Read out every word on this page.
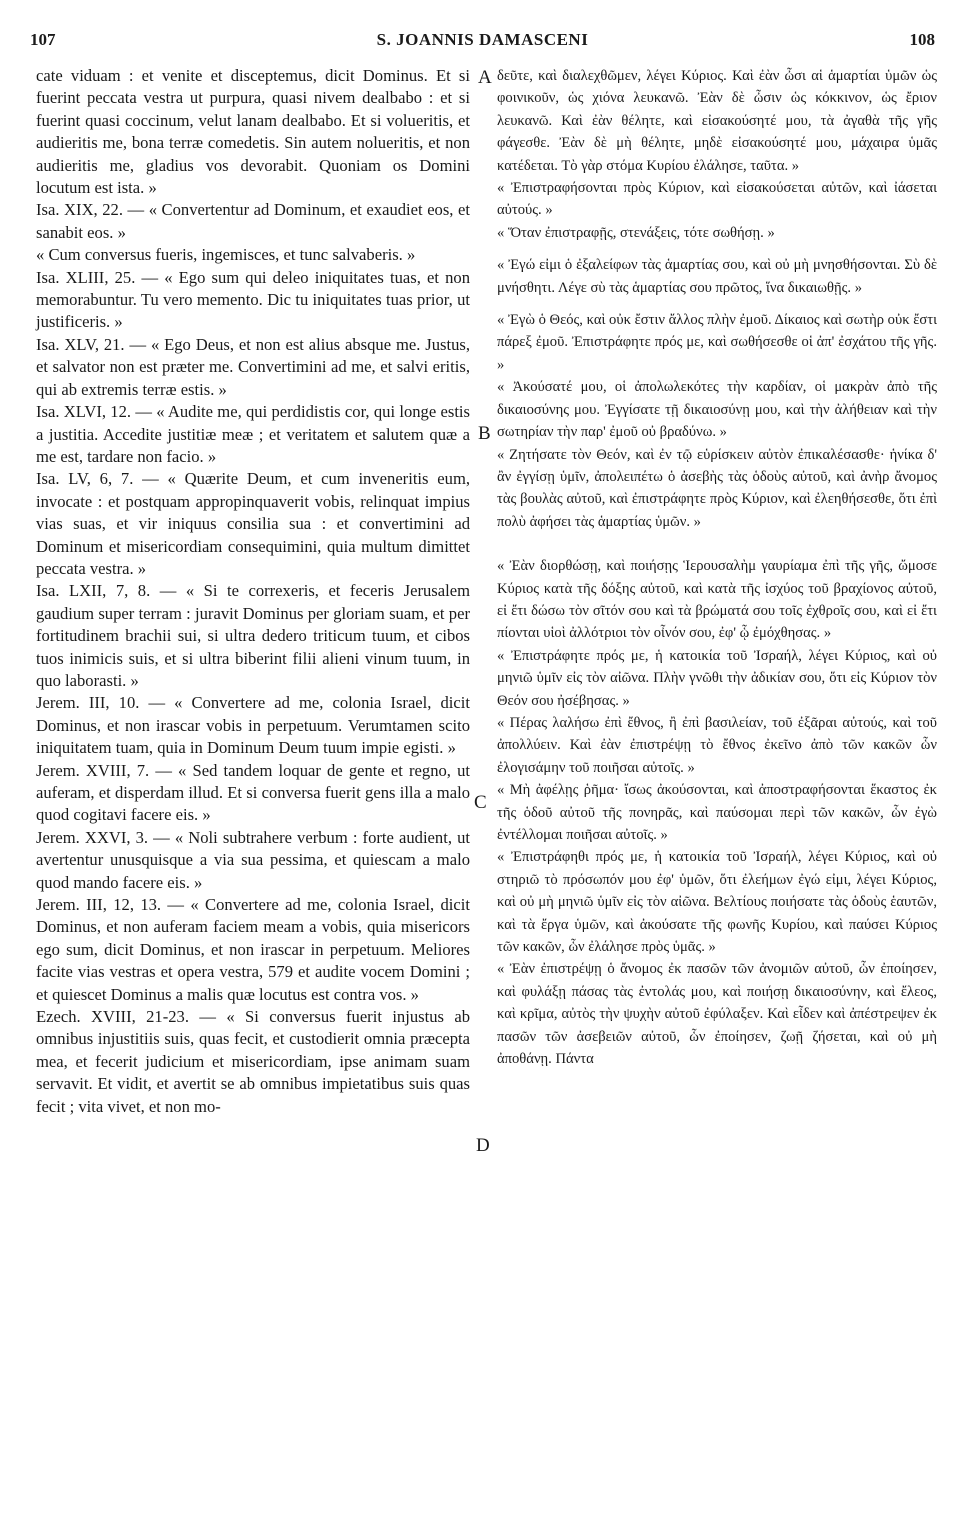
107	S. JOANNIS DAMASCENI	108
A
B
C
D

cate viduam : et venite et disceptemus, dicit Dominus. Et si fuerint peccata vestra ut purpura, quasi nivem dealbabo : et si fuerint quasi coccinum, velut lanam dealbabo. Et si volueritis, et audieritis me, bona terræ comedetis. Sin autem nolueritis, et non audieritis me, gladius vos devorabit. Quoniam os Domini locutum est ista. »

Isa. XIX, 22. — « Convertentur ad Dominum, et exaudiet eos, et sanabit eos. »

« Cum conversus fueris, ingemisces, et tunc salvaberis. »

Isa. XLIII, 25. — « Ego sum qui deleo iniquitates tuas, et non memorabuntur. Tu vero memento. Dic tu iniquitates tuas prior, ut justificeris. »

Isa. XLV, 21. — « Ego Deus, et non est alius absque me. Justus, et salvator non est præter me. Convertimini ad me, et salvi eritis, qui ab extremis terræ estis. »

Isa. XLVI, 12. — « Audite me, qui perdidistis cor, qui longe estis a justitia. Accedite justitiæ meæ ; et veritatem et salutem quæ a me est, tardare non facio. »

Isa. LV, 6, 7. — « Quærite Deum, et cum inveneritis eum, invocate : et postquam appropinquaverit vobis, relinquat impius vias suas, et vir iniquus consilia sua : et convertimini ad Dominum et misericordiam consequimini, quia multum dimittet peccata vestra. »

Isa. LXII, 7, 8. — « Si te correxeris, et feceris Jerusalem gaudium super terram : juravit Dominus per gloriam suam, et per fortitudinem brachii sui, si ultra dedero triticum tuum, et cibos tuos inimicis suis, et si ultra biberint filii alieni vinum tuum, in quo laborasti. »

Jerem. III, 10. — « Convertere ad me, colonia Israel, dicit Dominus, et non irascar vobis in perpetuum. Verumtamen scito iniquitatem tuam, quia in Dominum Deum tuum impie egisti. »

Jerem. XVIII, 7. — « Sed tandem loquar de gente et regno, ut auferam, et disperdam illud. Et si conversa fuerit gens illa a malo quod cogitavi facere eis. »

Jerem. XXVI, 3. — « Noli subtrahere verbum : forte audient, ut avertentur unusquisque a via sua pessima, et quiescam a malo quod mando facere eis. »

Jerem. III, 12, 13. — « Convertere ad me, colonia Israel, dicit Dominus, et non auferam faciem meam a vobis, quia misericors ego sum, dicit Dominus, et non irascar in perpetuum. Meliores facite vias vestras et opera vestra, 579 et audite vocem Domini ; et quiescet Dominus a malis quæ locutus est contra vos. »

Ezech. XVIII, 21-23. — « Si conversus fuerit injustus ab omnibus injustitiis suis, quas fecit, et custodierit omnia præcepta mea, et fecerit judicium et misericordiam, ipse animam suam servavit. Et vidit, et avertit se ab omnibus impietatibus suis quas fecit ; vita vivet, et non mo-

δεῦτε, καὶ διαλεχθῶμεν, λέγει Κύριος. Καὶ ἐὰν ὦσι αἱ ἁμαρτίαι ὑμῶν ὡς φοινικοῦν, ὡς χιόνα λευκανῶ. Ἐὰν δὲ ὦσιν ὡς κόκκινον, ὡς ἔριον λευκανῶ. Καὶ ἐὰν θέλητε, καὶ εἰσακούσητέ μου, τὰ ἀγαθὰ τῆς γῆς φάγεσθε. Ἐὰν δὲ μὴ θέλητε, μηδὲ εἰσακούσητέ μου, μάχαιρα ὑμᾶς κατέδεται. Τὸ γὰρ στόμα Κυρίου ἐλάλησε, ταῦτα. »

« Ἐπιστραφήσονται πρὸς Κύριον, καὶ εἰσακούσεται αὐτῶν, καὶ ἰάσεται αὐτούς. »

« Ὅταν ἐπιστραφῇς, στενάξεις, τότε σωθήσῃ. »

« Ἐγώ εἰμι ὁ ἐξαλείφων τὰς ἁμαρτίας σου, καὶ οὐ μὴ μνησθήσονται. Σὺ δὲ μνήσθητι. Λέγε σὺ τὰς ἁμαρτίας σου πρῶτος, ἵνα δικαιωθῇς. »

« Ἐγὼ ὁ Θεός, καὶ οὐκ ἔστιν ἄλλος πλὴν ἐμοῦ. Δίκαιος καὶ σωτὴρ οὐκ ἔστι πάρεξ ἐμοῦ. Ἐπιστράφητε πρός με, καὶ σωθήσεσθε οἱ ἀπ' ἐσχάτου τῆς γῆς. »

« Ἀκούσατέ μου, οἱ ἀπολωλεκότες τὴν καρδίαν, οἱ μακρὰν ἀπὸ τῆς δικαιοσύνης μου. Ἐγγίσατε τῇ δικαιοσύνῃ μου, καὶ τὴν ἀλήθειαν καὶ τὴν σωτηρίαν τὴν παρ' ἐμοῦ οὐ βραδύνω. »

« Ζητήσατε τὸν Θεόν, καὶ ἐν τῷ εὑρίσκειν αὐτὸν ἐπικαλέσασθε· ἡνίκα δ' ἂν ἐγγίσῃ ὑμῖν, ἀπολειπέτω ὁ ἀσεβὴς τὰς ὁδοὺς αὐτοῦ, καὶ ἀνὴρ ἄνομος τὰς βουλὰς αὐτοῦ, καὶ ἐπιστράφητε πρὸς Κύριον, καὶ ἐλεηθήσεσθε, ὅτι ἐπὶ πολὺ ἀφήσει τὰς ἁμαρτίας ὑμῶν. »

« Ἐὰν διορθώσῃ, καὶ ποιήσῃς Ἱερουσαλὴμ γαυρίαμα ἐπὶ τῆς γῆς, ὤμοσε Κύριος κατὰ τῆς δόξης αὐτοῦ, καὶ κατὰ τῆς ἰσχύος τοῦ βραχίονος αὐτοῦ, εἰ ἔτι δώσω τὸν σῖτόν σου καὶ τὰ βρώματά σου τοῖς ἐχθροῖς σου, καὶ εἰ ἔτι πίονται υἱοὶ ἀλλότριοι τὸν οἶνόν σου, ἐφ' ᾧ ἐμόχθησας. »

« Ἐπιστράφητε πρός με, ἡ κατοικία τοῦ Ἰσραήλ, λέγει Κύριος, καὶ οὐ μηνιῶ ὑμῖν εἰς τὸν αἰῶνα. Πλὴν γνῶθι τὴν ἀδικίαν σου, ὅτι εἰς Κύριον τὸν Θεόν σου ἠσέβησας. »

« Πέρας λαλήσω ἐπὶ ἔθνος, ἢ ἐπὶ βασιλείαν, τοῦ ἐξᾶραι αὐτούς, καὶ τοῦ ἀπολλύειν. Καὶ ἐὰν ἐπιστρέψῃ τὸ ἔθνος ἐκεῖνο ἀπὸ τῶν κακῶν ὧν ἐλογισάμην τοῦ ποιῆσαι αὐτοῖς. »

« Μὴ ἀφέλῃς ῥῆμα· ἴσως ἀκούσονται, καὶ ἀποστραφήσονται ἕκαστος ἐκ τῆς ὁδοῦ αὐτοῦ τῆς πονηρᾶς, καὶ παύσομαι περὶ τῶν κακῶν, ὧν ἐγὼ ἐντέλλομαι ποιῆσαι αὐτοῖς. »

« Ἐπιστράφηθι πρός με, ἡ κατοικία τοῦ Ἰσραήλ, λέγει Κύριος, καὶ οὐ στηριῶ τὸ πρόσωπόν μου ἐφ' ὑμῶν, ὅτι ἐλεήμων ἐγώ εἰμι, λέγει Κύριος, καὶ οὐ μὴ μηνιῶ ὑμῖν εἰς τὸν αἰῶνα. Βελτίους ποιήσατε τὰς ὁδοὺς ἑαυτῶν, καὶ τὰ ἔργα ὑμῶν, καὶ ἀκούσατε τῆς φωνῆς Κυρίου, καὶ παύσει Κύριος τῶν κακῶν, ὧν ἐλάλησε πρὸς ὑμᾶς. »

« Ἐὰν ἐπιστρέψῃ ὁ ἄνομος ἐκ πασῶν τῶν ἀνομιῶν αὐτοῦ, ὧν ἐποίησεν, καὶ φυλάξῃ πάσας τὰς ἐντολάς μου, καὶ ποιήσῃ δικαιοσύνην, καὶ ἔλεος, καὶ κρῖμα, αὐτὸς τὴν ψυχὴν αὐτοῦ ἐφύλαξεν. Καὶ εἶδεν καὶ ἀπέστρεψεν ἐκ πασῶν τῶν ἀσεβειῶν αὐτοῦ, ὧν ἐποίησεν, ζωῇ ζήσεται, καὶ οὐ μὴ ἀποθάνῃ. Πάντα
